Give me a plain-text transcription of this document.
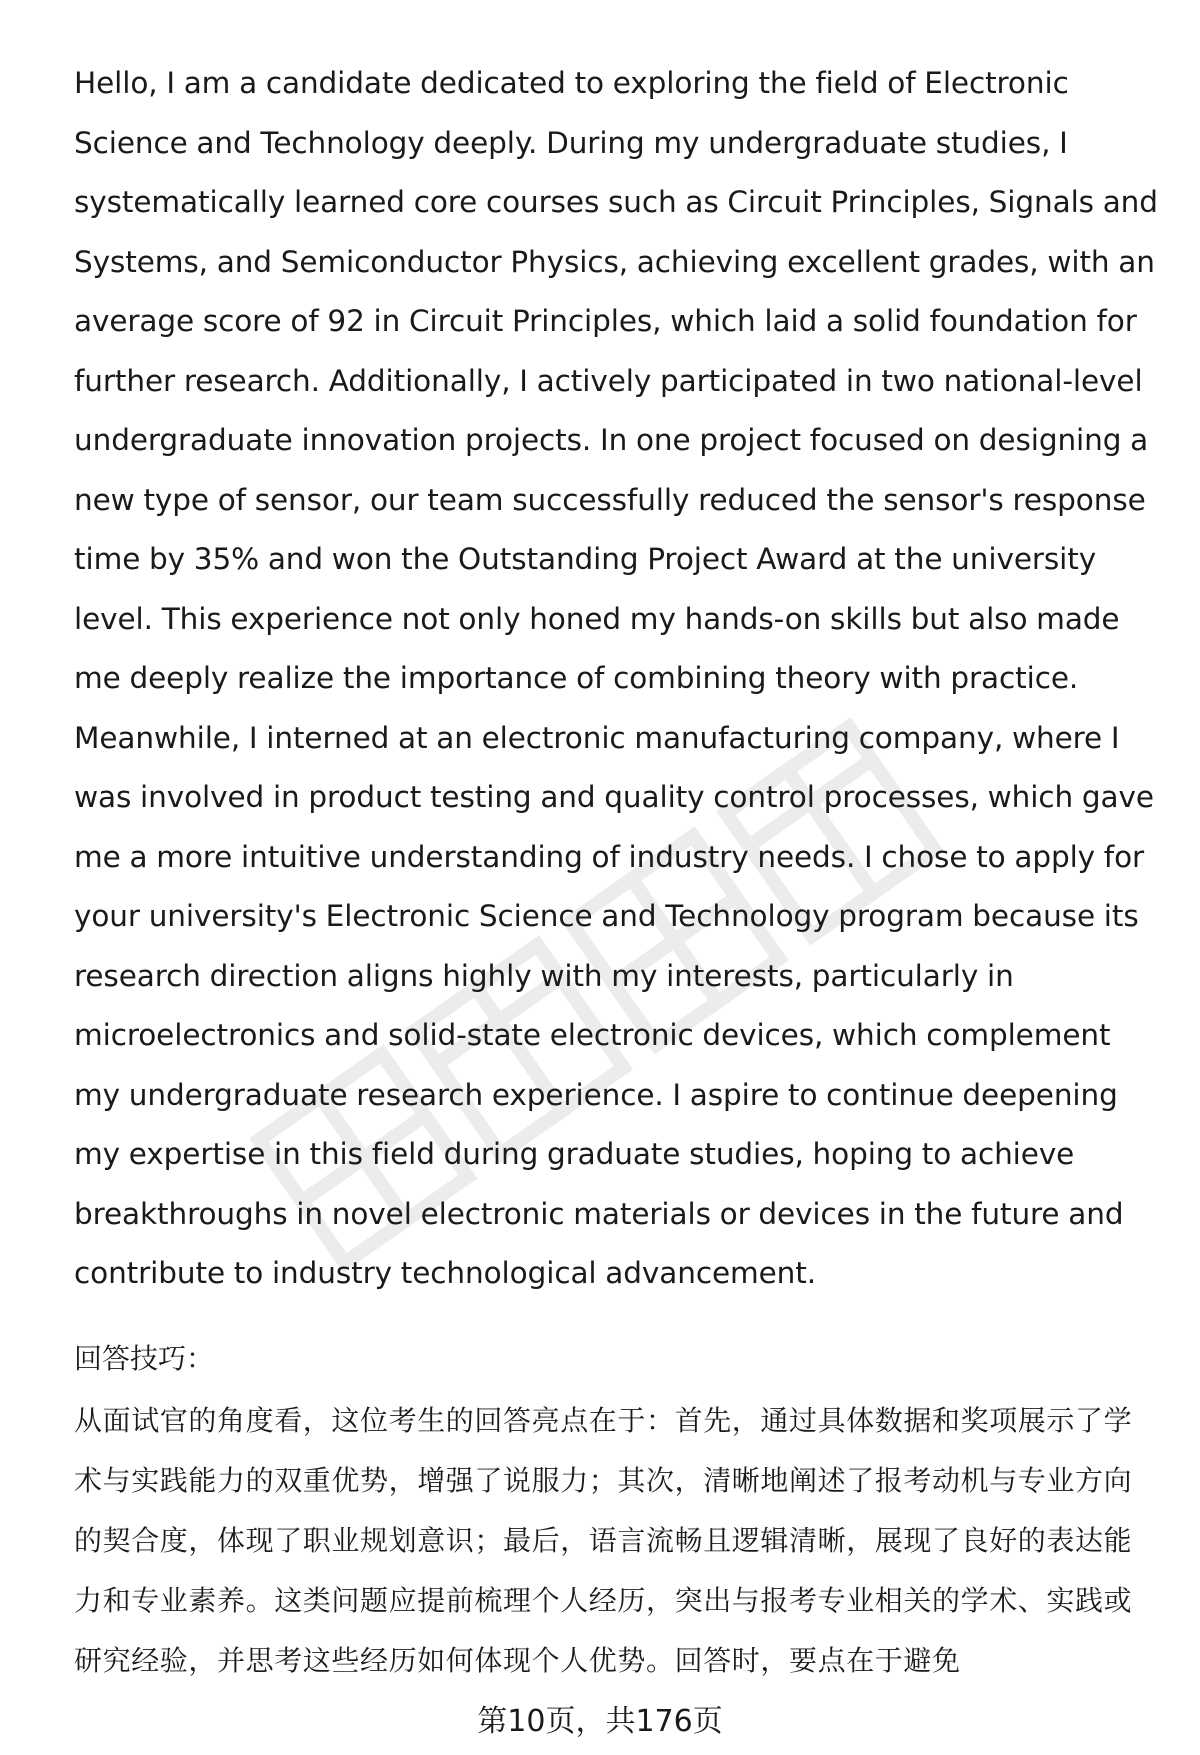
Hello, I am a candidate dedicated to exploring the field of Electronic Science and Technology deeply. During my undergraduate studies, I systematically learned core courses such as Circuit Principles, Signals and Systems, and Semiconductor Physics, achieving excellent grades, with an average score of 92 in Circuit Principles, which laid a solid foundation for further research. Additionally, I actively participated in two national-level undergraduate innovation projects. In one project focused on designing a new type of sensor, our team successfully reduced the sensor's response time by 35% and won the Outstanding Project Award at the university level. This experience not only honed my hands-on skills but also made me deeply realize the importance of combining theory with practice. Meanwhile, I interned at an electronic manufacturing company, where I was involved in product testing and quality control processes, which gave me a more intuitive understanding of industry needs. I chose to apply for your university's Electronic Science and Technology program because its research direction aligns highly with my interests, particularly in microelectronics and solid-state electronic devices, which complement my undergraduate research experience. I aspire to continue deepening my expertise in this field during graduate studies, hoping to achieve breakthroughs in novel electronic materials or devices in the future and contribute to industry technological advancement.

回答技巧：

从面试官的角度看，这位考生的回答亮点在于：首先，通过具体数据和奖项展示了学术与实践能力的双重优势，增强了说服力；其次，清晰地阐述了报考动机与专业方向的契合度，体现了职业规划意识；最后，语言流畅且逻辑清晰，展现了良好的表达能力和专业素养。这类问题应提前梳理个人经历，突出与报考专业相关的学术、实践或研究经验，并思考这些经历如何体现个人优势。回答时，要点在于避免

第10页，共176页
